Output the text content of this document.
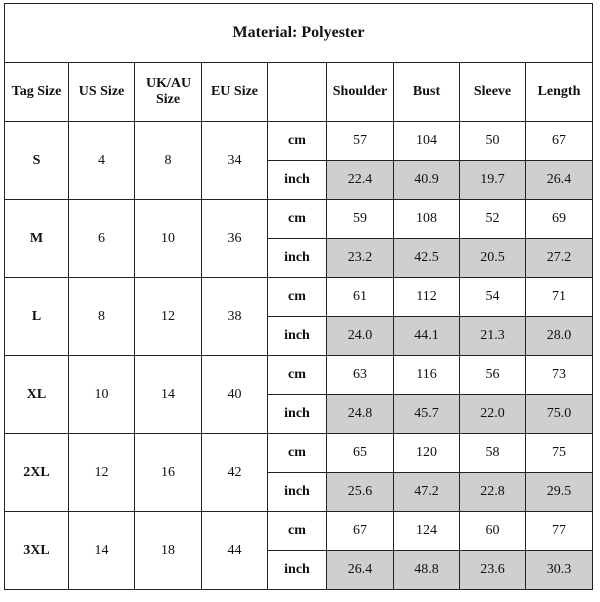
Material: Polyester								
Tag Size	US Size	UK/AU Size	EU Size		Shoulder	Bust	Sleeve	Length
S	4	8	34	cm	57	104	50	67
				inch	22.4	40.9	19.7	26.4
M	6	10	36	cm	59	108	52	69
				inch	23.2	42.5	20.5	27.2
L	8	12	38	cm	61	112	54	71
				inch	24.0	44.1	21.3	28.0
XL	10	14	40	cm	63	116	56	73
				inch	24.8	45.7	22.0	75.0
2XL	12	16	42	cm	65	120	58	75
				inch	25.6	47.2	22.8	29.5
3XL	14	18	44	cm	67	124	60	77
				inch	26.4	48.8	23.6	30.3
